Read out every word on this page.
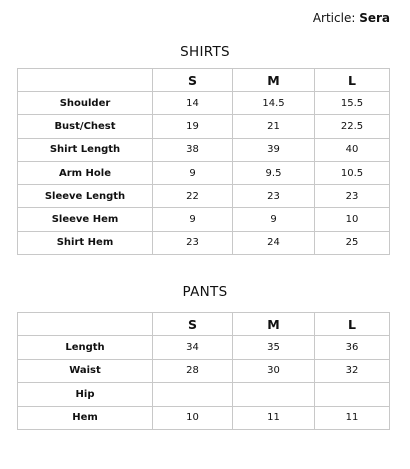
Article: Sera
SHIRTS
	S	M	L
Shoulder	14	14.5	15.5
Bust/Chest	19	21	22.5
Shirt Length	38	39	40
Arm Hole	9	9.5	10.5
Sleeve Length	22	23	23
Sleeve Hem	9	9	10
Shirt Hem	23	24	25
PANTS
	S	M	L
Length	34	35	36
Waist	28	30	32
Hip			
Hem	10	11	11
